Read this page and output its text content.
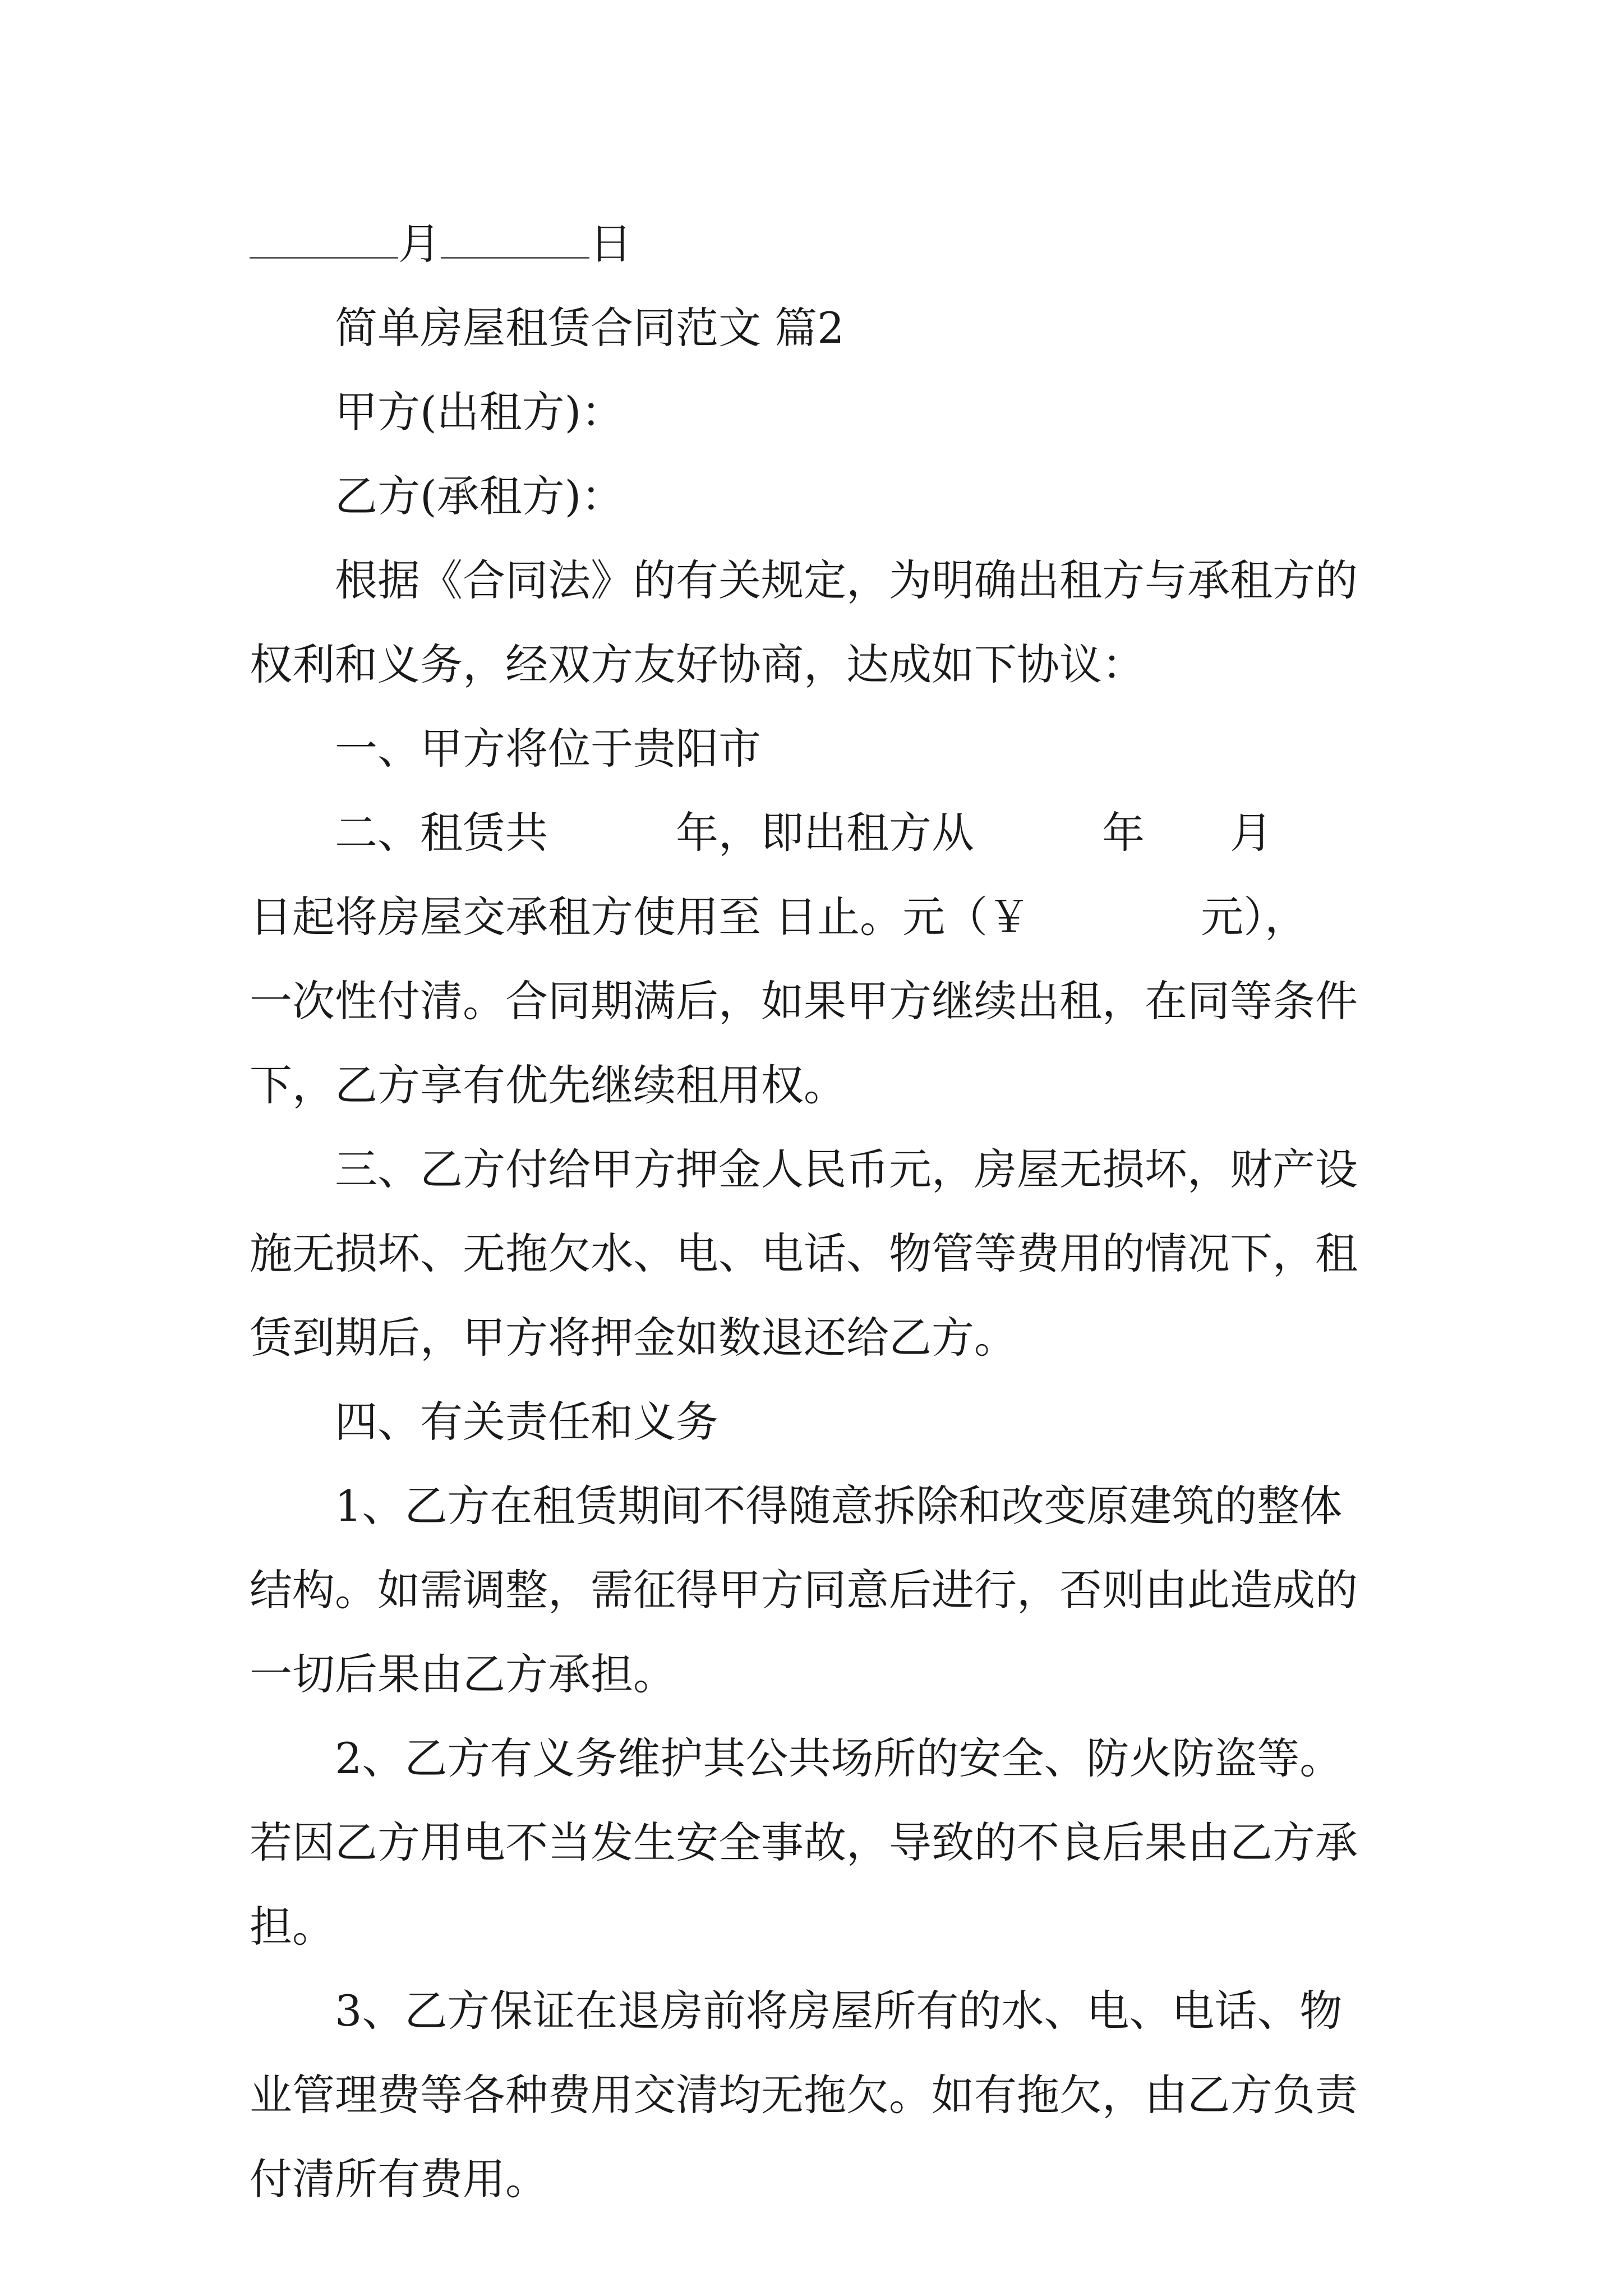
月	日
简单房屋租赁合同范文 篇2
甲方(出租方)：
乙方(承租方)：
根据《合同法》的有关规定，为明确出租方与承租方的
权利和义务，经双方友好协商，达成如下协议：
一、甲方将位于贵阳市
二、租赁共　　　年，即出租方从　　　年　　月
日起将房屋交承租方使用至 日止。元（￥　　　　元），
一次性付清。合同期满后，如果甲方继续出租，在同等条件
下，乙方享有优先继续租用权。
三、乙方付给甲方押金人民币元，房屋无损坏，财产设
施无损坏、无拖欠水、电、电话、物管等费用的情况下，租
赁到期后，甲方将押金如数退还给乙方。
四、有关责任和义务
1、乙方在租赁期间不得随意拆除和改变原建筑的整体
结构。如需调整，需征得甲方同意后进行，否则由此造成的
一切后果由乙方承担。
2、乙方有义务维护其公共场所的安全、防火防盗等。
若因乙方用电不当发生安全事故，导致的不良后果由乙方承
担。
3、乙方保证在退房前将房屋所有的水、电、电话、物
业管理费等各种费用交清均无拖欠。如有拖欠，由乙方负责
付清所有费用。
